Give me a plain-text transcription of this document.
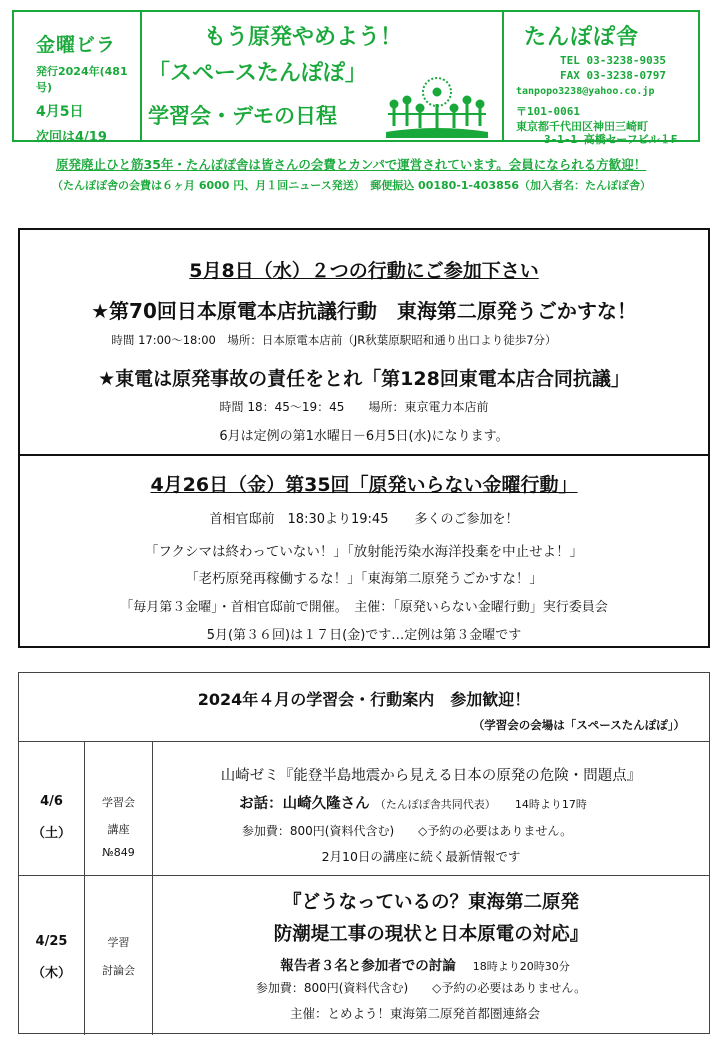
金曜ビラ
発行2024年(481号)
4月5日
次回は4/19
もう原発やめよう！
「スペースたんぽぽ」
学習会・デモの日程
たんぽぽ舎
TEL 03-3238-9035
FAX 03-3238-0797
tanpopo3238@yahoo.co.jp
〒101-0061
東京都千代田区神田三崎町
3-1-1 高橋セーフビル１F
原発廃止ひと筋35年・たんぽぽ舎は皆さんの会費とカンパで運営されています。会員になられる方歓迎！
（たんぽぽ舎の会費は６ヶ月 6000 円、月１回ニュース発送）　郵便振込 00180-1-403856（加入者名：たんぽぽ舎）
5月8日（水）２つの行動にご参加下さい
★第70回日本原電本店抗議行動　東海第二原発うごかすな！
時間 17:00～18:00　場所：日本原電本店前（JR秋葉原駅昭和通り出口より徒歩7分）
★東電は原発事故の責任をとれ「第128回東電本店合同抗議」
時間 18：45～19：45　　場所：東京電力本店前
6月は定例の第1水曜日－6月5日(水)になります。
4月26日（金）第35回「原発いらない金曜行動」
首相官邸前　18:30より19:45　　多くのご参加を！
「フクシマは終わっていない！」「放射能汚染水海洋投棄を中止せよ！」
「老朽原発再稼働するな！」「東海第二原発うごかすな！」
「毎月第３金曜」・首相官邸前で開催。　主催：「原発いらない金曜行動」実行委員会
5月(第３６回)は１７日(金)です…定例は第３金曜です
2024年４月の学習会・行動案内　参加歓迎！
（学習会の会場は「スペースたんぽぽ」）
4/6
（土）
学習会
講座
№849
山崎ゼミ『能登半島地震から見える日本の原発の危険・問題点』
お話：山崎久隆さん （たんぽぽ舎共同代表） 14時より17時
参加費：800円(資料代含む)　　◇予約の必要はありません。
2月10日の講座に続く最新情報です
4/25
（木）
学習
討論会
『どうなっているの？東海第二原発
防潮堤工事の現状と日本原電の対応』
報告者３名と参加者での討論 18時より20時30分
参加費：800円(資料代含む)　　◇予約の必要はありません。
主催：とめよう！東海第二原発首都圏連絡会
